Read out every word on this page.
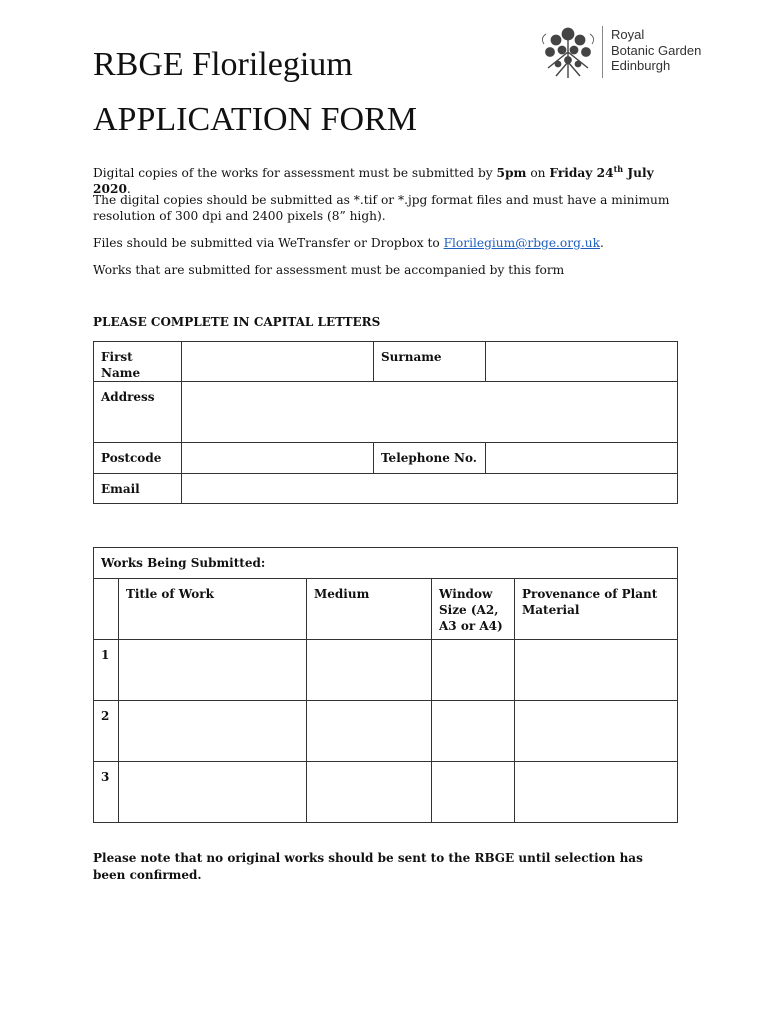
RBGE Florilegium
APPLICATION FORM
Royal
Botanic Garden
Edinburgh
Digital copies of the works for assessment must be submitted by 5pm on Friday 24th July 2020.
The digital copies should be submitted as *.tif or *.jpg format files and must have a minimum resolution of 300 dpi and 2400 pixels (8” high).
Files should be submitted via WeTransfer or Dropbox to Florilegium@rbge.org.uk.
Works that are submitted for assessment must be accompanied by this form
PLEASE COMPLETE IN CAPITAL LETTERS
First Name		Surname	
Address			
Postcode		Telephone No.	
Email			
Works Being Submitted:				
	Title of Work	Medium	Window Size (A2, A3 or A4)	Provenance of Plant Material
1				
2				
3				
Please note that no original works should be sent to the RBGE until selection has been confirmed.
